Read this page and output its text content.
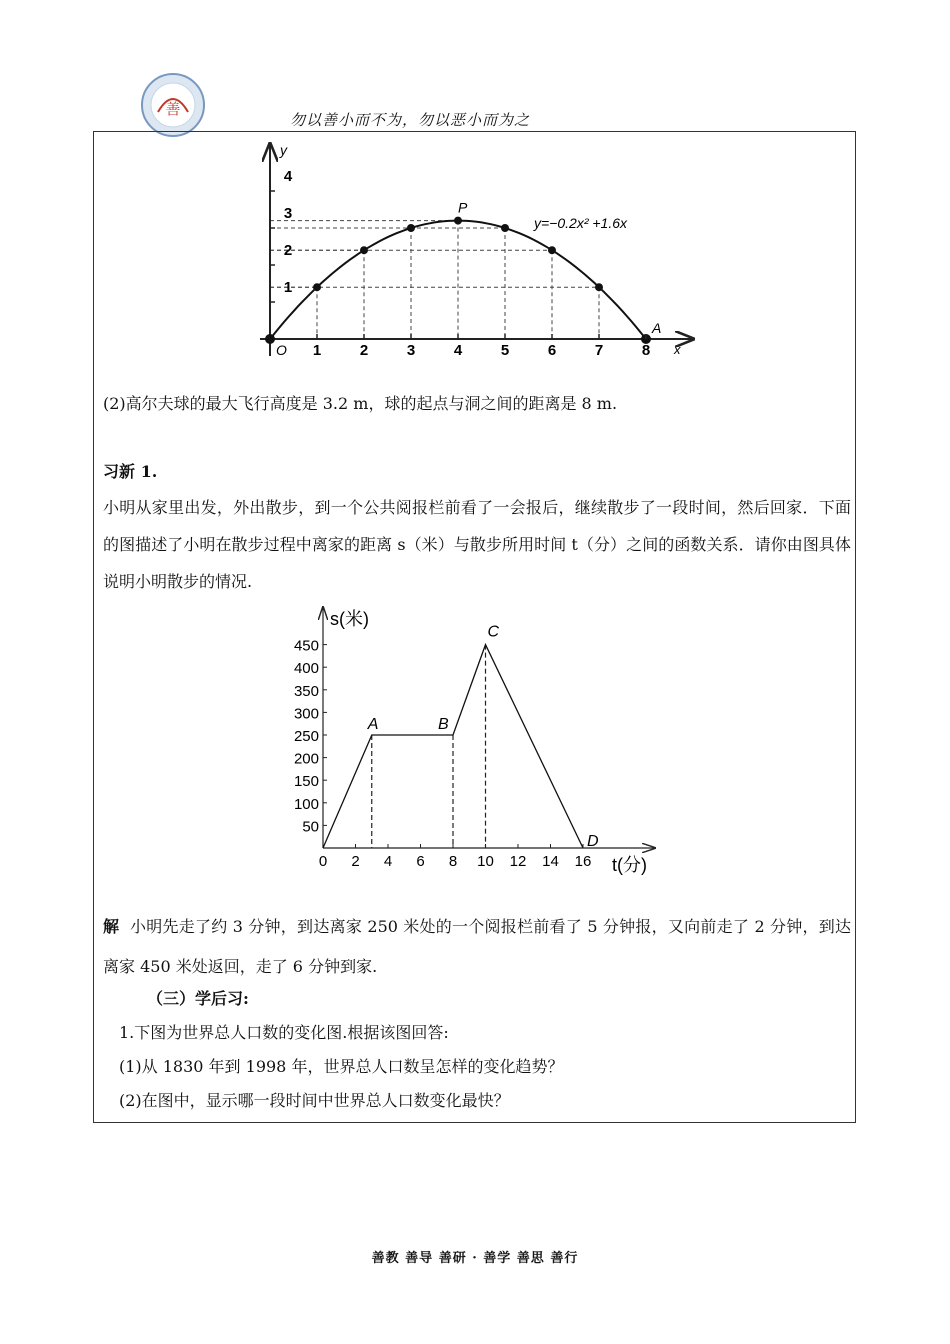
善
勿以善小而不为，勿以恶小而为之
1	2	3	4	5	6	7	8
1
2
3
4
P
A
y
x
O
y=−0.2x² +1.6x
(2)高尔夫球的最大飞行高度是 3.2 m，球的起点与洞之间的距离是 8 m.
习新 1.
小明从家里出发，外出散步，到一个公共阅报栏前看了一会报后，继续散步了一段时间，然后回家．下面的图描述了小明在散步过程中离家的距离 s（米）与散步所用时间 t（分）之间的函数关系．请你由图具体说明小明散步的情况.
2 4 6 8 10 12 14 16
0
50
100
150
200
250
300
350
400
450
A	B
C
D
s(米)
t(分)
解 小明先走了约 3 分钟，到达离家 250 米处的一个阅报栏前看了 5 分钟报，又向前走了 2 分钟，到达离家 450 米处返回，走了 6 分钟到家.
（三）学后习:
1.下图为世界总人口数的变化图.根据该图回答:
(1)从 1830 年到 1998 年，世界总人口数呈怎样的变化趋势？
(2)在图中，显示哪一段时间中世界总人口数变化最快？
善教 善导 善研 · 善学 善思 善行
